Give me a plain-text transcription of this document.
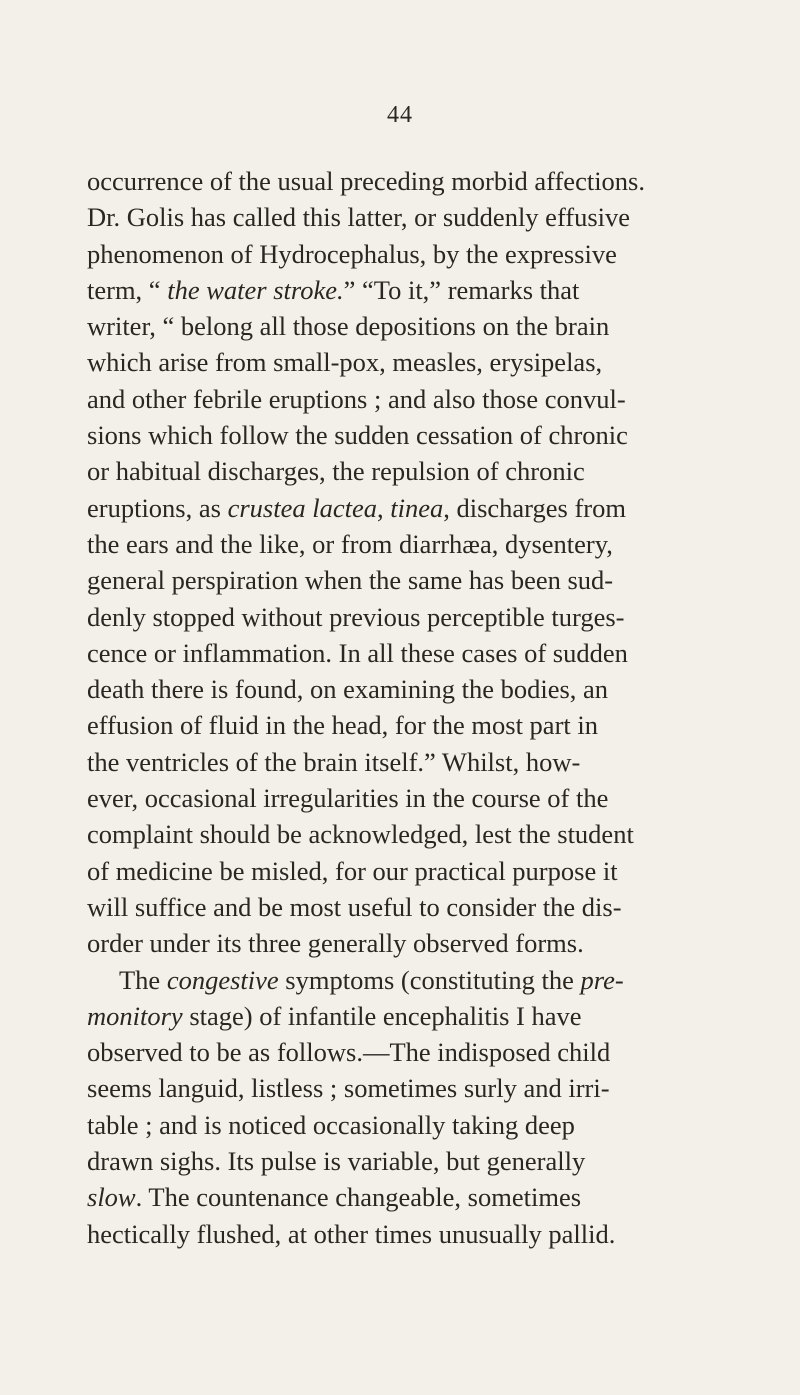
44
occurrence of the usual preceding morbid affections.
Dr. Golis has called this latter, or suddenly effusive
phenomenon of Hydrocephalus, by the expressive
term, “ the water stroke.” “To it,” remarks that
writer, “ belong all those depositions on the brain
which arise from small-pox, measles, erysipelas,
and other febrile eruptions ; and also those convul-
sions which follow the sudden cessation of chronic
or habitual discharges, the repulsion of chronic
eruptions, as crustea lactea, tinea, discharges from
the ears and the like, or from diarrhæa, dysentery,
general perspiration when the same has been sud-
denly stopped without previous perceptible turges-
cence or inflammation. In all these cases of sudden
death there is found, on examining the bodies, an
effusion of fluid in the head, for the most part in
the ventricles of the brain itself.” Whilst, how-
ever, occasional irregularities in the course of the
complaint should be acknowledged, lest the student
of medicine be misled, for our practical purpose it
will suffice and be most useful to consider the dis-
order under its three generally observed forms.
The congestive symptoms (constituting the pre-
monitory stage) of infantile encephalitis I have
observed to be as follows.—The indisposed child
seems languid, listless ; sometimes surly and irri-
table ; and is noticed occasionally taking deep
drawn sighs. Its pulse is variable, but generally
slow. The countenance changeable, sometimes
hectically flushed, at other times unusually pallid.
